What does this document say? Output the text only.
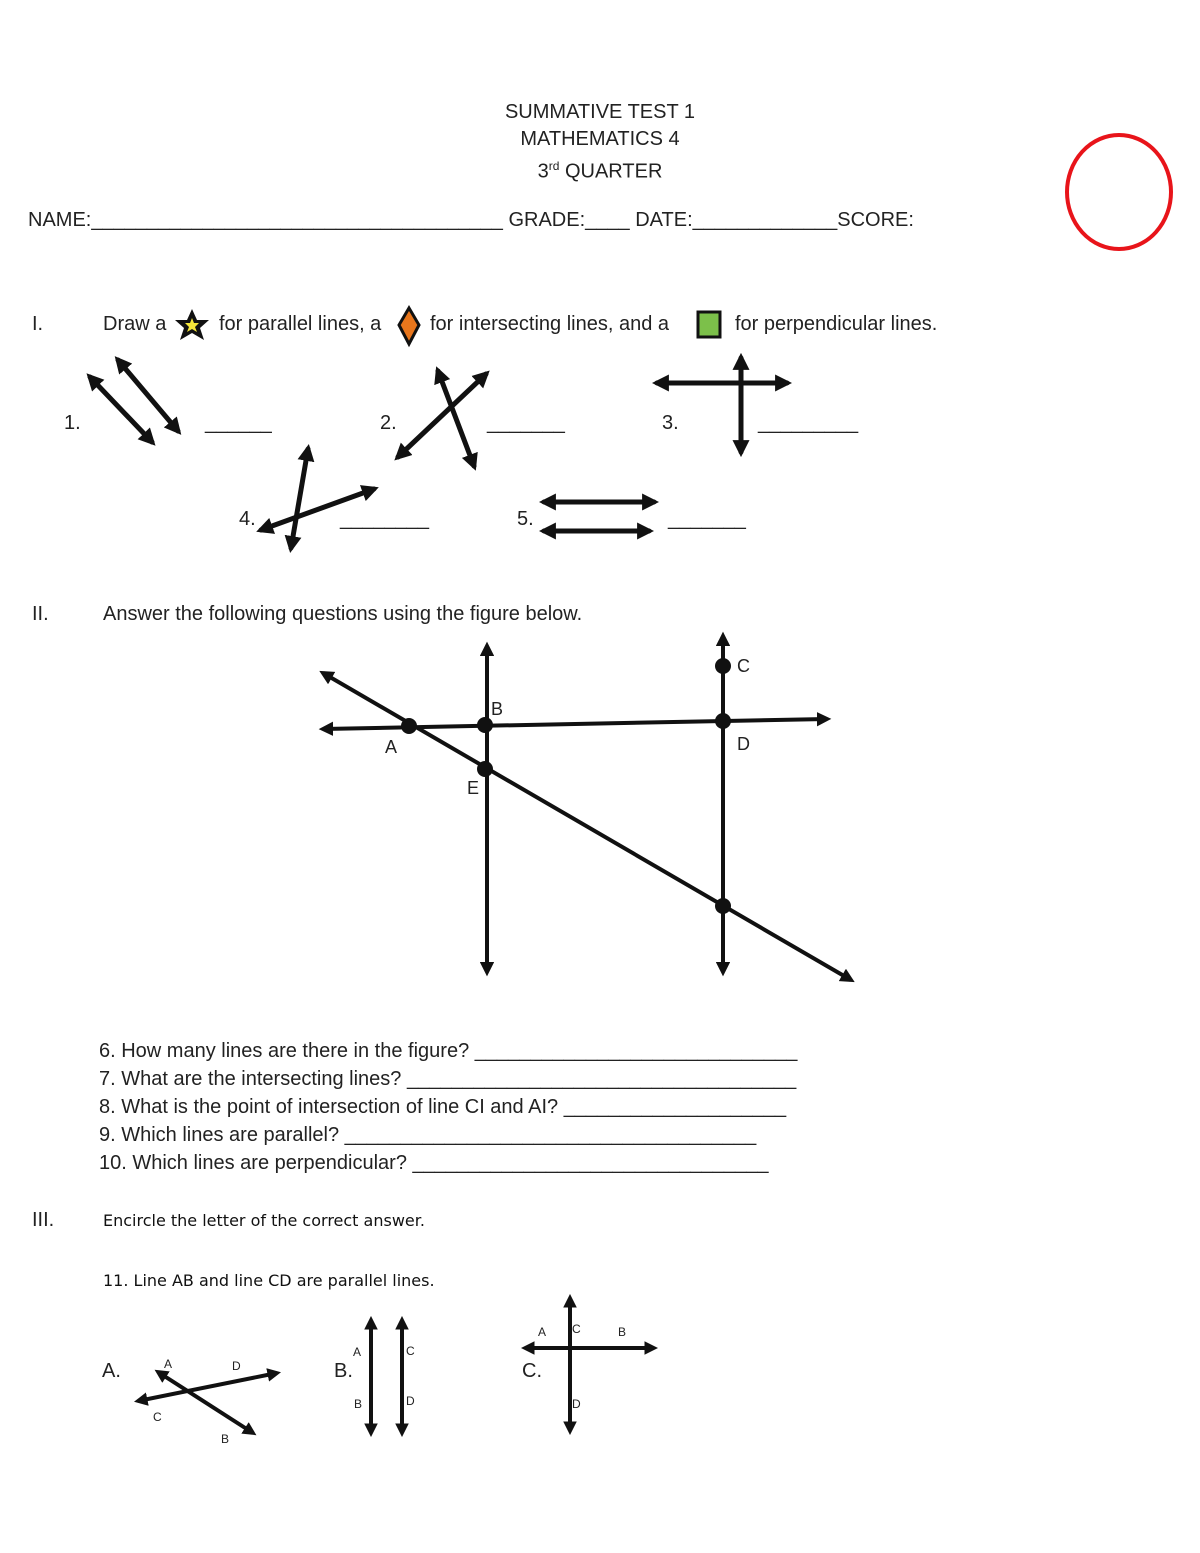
SUMMATIVE TEST 1
MATHEMATICS 4
3rd QUARTER
NAME:_____________________________________ GRADE:____ DATE:_____________SCORE:
I.	Draw a	for parallel lines, a for intersecting lines, and a	for perpendicular lines.
1.	______	2.	_______	3.	_________
4.	________	5.	_______
II.	Answer the following questions using the figure below.
A
B
C
D
E
6. How many lines are there in the figure? _____________________________
7. What are the intersecting lines? ___________________________________
8. What is the point of intersection of line CI and AI? ____________________
9. Which lines are parallel? _____________________________________
10. Which lines are perpendicular? ________________________________
III.	Encircle the letter of the correct answer.
11. Line AB and line CD are parallel lines.
A.	B.	C.
A	D
C
B
A	C
B	D
A C	B
D
